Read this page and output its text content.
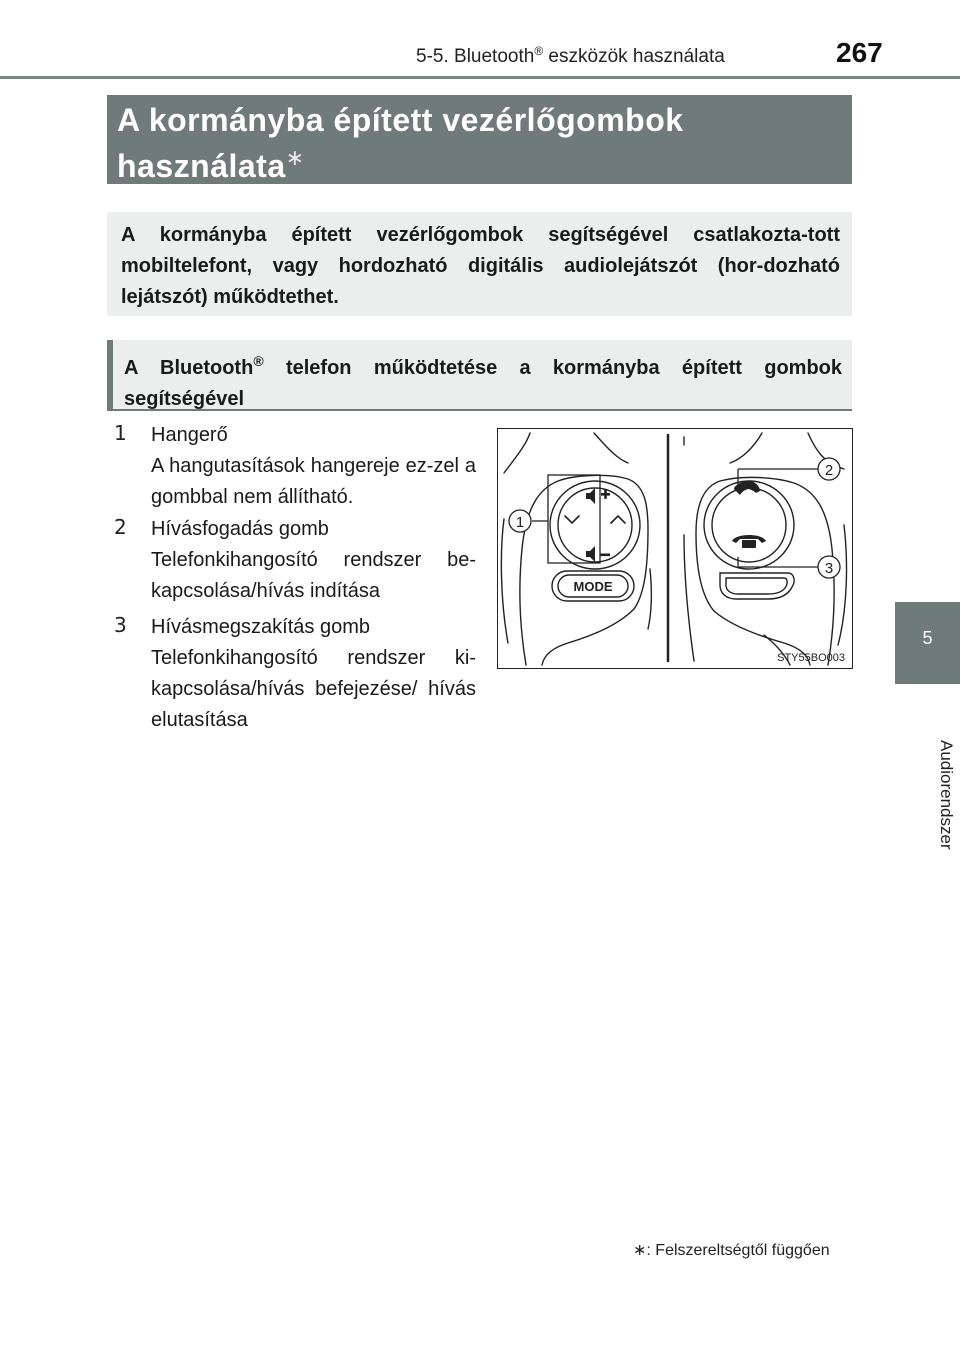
5-5. Bluetooth® eszközök használata	267
5
Audiorendszer
A kormányba épített vezérlőgombok használata∗
A kormányba épített vezérlőgombok segítségével csatlakozta-tott mobiltelefont, vagy hordozható digitális audiolejátszót (hor-dozható lejátszót) működtethet.
A Bluetooth® telefon működtetése a kormányba épített gombok segítségével
1	Hangerő
A hangutasítások hangereje ez-zel a gombbal nem állítható.
2	Hívásfogadás gomb
Telefonkihangosító rendszer be-kapcsolása/hívás indítása
3	Hívásmegszakítás gomb
Telefonkihangosító rendszer ki-kapcsolása/hívás befejezése/ hívás elutasítása
1
2
3
MODE
STY55BO003
∗: Felszereltségtől függően
